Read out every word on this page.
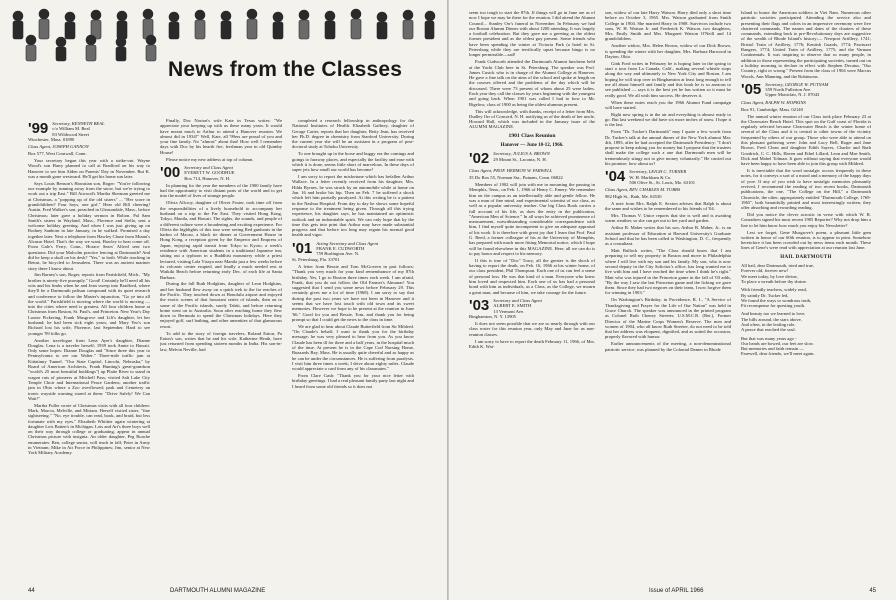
News from the Classes
'99 Secretary, KENNETH BEAL
c/o William M. Beal
83 Wildwood Street
Winchester, Mass. 01890

Class Agent, JOSEPH GANNON

Box 577, West Cornwall, Conn.

Your secretary began this year with a strike-out. Wayne Wood's son Harry planned to call at Bradford on his way to Hanover to see him Alden on Parents' Day in November. But K. was a month gone westward. He'll get his home run later.

Says Louis Benson's Hawaiian son, Roger: "You're following our example by running away from the snow, but we're trying to work out a trip East." Bill Atwood's Martha Sherman greeted me at Christmas, a "popping up of the old sisters" ... "Her score in grandchildren? Four boys, one girl." Hear old Bill cheering! Austin, Fred Walker's son, preached in Gleasondale, Mass., before Christmas; later gave a holiday sermon in Bolton. Pal Sam Smith's sisters in Wayland, Mass., Florence and Stella, sent a welcome holiday greeting. And when I was just giving up on Rodney Sanborn in late January, in he walked. Promised a day together later. Next a telephone from Hawley Chase from Miami's Alcazar Hotel. That's the way we want, Hawley to hear come off. From Gale's Ferry, Conn., Horace Sears' Alfred sent two questions: Did your Malcolm practice fencing at Dartmouth? And did he keep a skull on his desk? "Yes," to both. While teaching in Beirut, he bicycled to Jerusalem. There was an ancient mariner story there I know about.

Jim Barney's son, Roger, reports from Parishfield, Mich., "My brother is ninety-five promptly." Good! Certainly he'll need all his wits and his limbs when he and Jean sweep into Bradford, where they'll be a Dartmouth palisan compound with its quiet research and conference to follow the Master's injunction, "Go ye into all the world." Parishfield is moving where the world is moving — into the cities where need is greatest. All four children home at Christmas from Boston, St. Paul's, and Princeton. New Year's Day Louise Pickering, Frank Musgrove and Lili's daughter, let her husband; he had been sick eight years; and Mary Yeo's son Richard lost his wife, Florence, last September. Hard to see younger '99 folks go.

Another travelogue from Lena Ayer's daughter, Dianne Douglas. Lena is a traveler herself; 1939 took Annie to Hawaii. Only some hopes: Dianne Douglas and "Since three this year to Pennsylvania to see our Walter." Three-mile traffic jam at Kittatinny Tunnel. "Our State Capitol, Lincoln, Nebraska," by Board of American Architects, Frank Hunting's great-grandson "world's 25 most beautiful buildings") up Platte River to stand in wagon ruts of pioneers at Mitchell Pass; visited Salt Lake City Temple Choir and International Peace Gardens; another traffic jam in Ohio where a Zoo overflowed; park and Cemetery an ironic wayside warning stared at them: "Drive Safely! We Can Wait!"

Martha Fuller wrote of Christmas visits with all four children: Mark, Marcia, Melville, and Miriam. Herself visited sister, "fine sightseeing." "No, eye trouble, can read, book, and braid, but less fortunate with my eyes." Elizabeth Whittier again wintering at daughter Lois Batten's in Michigan. Lois and Art's three boys well on their way through college or graduating, appear in annual Christmas picture with insignia. An older daughter, Peg Roache enumerates: Ben, college senior, will teach in fall; Peter in Army in Vietnam; Mike in Air Force in Philippines; Jim, senior at New York Military Academy.

Finally, Doc Norton's wife Kate in Texas writes: "We appreciate your keeping up with us these many years. It would have meant much to Arthur to attend a Hanover reunion. We almost did in 1934!" Well, Kate, all '99ers are proud of you and your fine family. No "almost" about that! How well I remember days with Doc by his hearth fire, freshman year in old Quimby House!

Please notice my new address at top of column.

'00 Secretary and Class Agent
EVERETT W. GOODHUE
Box 714, Hanover, N. H.

In planning for the year the members of the 1900 family have had the opportunity to visit distant parts of the world and to get into the model of lives of strange people.

Olivia Allcroy, daughter of Oliver Foster, took time off from the responsibilities of a lively household to accompany her husband on a trip to the Far East. They visited Hong Kong, Tokyo, Manila, and Hawaii. The sights, the sounds, and people of a different culture were a broadening and exciting experience. For Olivia the highlights of this tour were seeing Red gunboats in the harbor of Macao, a black tie dinner at Government House in Hong Kong, a reception given by the Emperor and Empress of Japan, enjoying rapid transit from Tokyo to Kyoto, a week's residence with American students in a traditional Japanese inn, sitting out a typhoon in a Buddhist monastery while a priest lectured, visiting Lala Visaya near Manila just a few weeks before its volcanic center erupted, and finally a much needed rest at Waikiki Beach before returning early Dec. of each life at Santa Barbara.

During the fall Ruth Hodgkins, daughter of Leon Hodgkins, and her husband flew away on a quick trek to the far reaches of the Pacific. They touched down at Honolulu airport and enjoyed the exotic scenes of that luxuriant series of islands, then on to some of the Pacific islands, surely Tahiti, and before returning home went on to Australia. Soon after reaching home they flew down to Bermuda to spend the Christmas holidays. Here they enjoyed golf, surf bathing, and other amenities of that glamorous resort.

To add to the story of foreign travelers, Roland Eaton, Pa Eaton's son, writes that he and his wife, Katherine Heath, have just returned from spending sixteen months in India. His son-in-law, Melvin Neville, had

completed a research fellowship in anthropology for the National Institutes of Health. Elizabeth Gaffney, daughter of George Carter, reports that her daughter, Betty Jean, has received her Ph.D. degree in chemistry from Stanford University. During the current year she will be an assistant in a program of post-doctoral study at Tohoku University.

To one brought up in the horse and buggy era the comings and goings to faraway places, and especially the facility and ease with which it is done, seems little short of marvelous. In these days of super jets how small our world has become!

I am sorry to report the misfortune which has befallen Arthur Wallace. In a letter recently received from his daughter, Mrs. Hilda Byrnes, he was struck by an automobile while at home on Jan. 16 and broke his hip. Then on Feb. 7 he suffered a shock which left him partially paralyzed. At this writing he is a patient in the Nashua Hospital. From day to day he shows some hopeful response to the treatment being given. Through all this trying experience, his daughter says, he has maintained an optimistic outlook and an indomitable spirit. We can only hope that by the time this gets into print that Arthur may have made substantial progress and that before too long may regain his normal good health and vigor.

'01 Acting Secretary and Class Agent
FRANK E. CUDWORTH
759 Burlington Ave. N.
St. Petersburg, Fla. 33701

A letter from Bessie and Tom McGovern in part follows: "Thank you very much for your kind remembrance of my 87th birthday. Yes, I go to Boston three times each week. I am afraid, Frank, that you do not follow the Old Farmer's Almanac! You suggested that I send you some news before February 29. This certainly gives me a lot of time (1968). I am sorry to say that during the past two years we have not been in Hanover and it seems that we have lost touch with old town and its sweet memories. However we hope to be present at the reunion in June '66." Good for you and Bessie, Tom, and thank you for being prompt so that I could get the news to the class in time.

We are glad to hear about Claude Butterfield from Sir Mildred. "On Claude's behalf, I want to thank you for the birthday message; he was very pleased to hear from you. As you know Claude has been ill for three and a half years, in the hospital much of the time. At present he is in the Cape Cod Nursing Home, Buzzards Bay, Mass. He is usually quite cheerful and as happy as he can be under the circumstances. He is suffering from paralysis. I visit him three times a week; I drive about eighty miles. Claude would appreciate a card from any of his classmates."

From Clare Gash: "Thank you for your nice letter with birthday greetings. I had a real pleasant family party last night and I heard from some old friends so it does not

44	DARTMOUTH ALUMNI MAGAZINE

seem too tough to start the 87th. If things will go in June are as of now I hope we may be there for the reunion. I did attend the Alumni Council... Stanley Orr's funeral in November. In February we had our Boston Alumni Dinner with about 1200 attending. It was largely a football celebration. But they gave me a greeting as the oldest former president and as the oldest guy present. Some friends who have been spending the winter at Victoria Park (a hotel in St. Petersburg while they are terrifically upset because bingo is no longer permissible—sad!

Frank Cudworth attended the Dartmouth Alumni luncheon held at the Yacht Club here in St. Petersburg. The speaker was Prof. James Cusick who is in charge of the Alumni College at Hanover. He gave a fine talk on the aims of the school and spoke at length on the courses offered and the problems of the day which will be discussed. There were 73 present of whom about 25 were ladies. Each year they call the classes by years beginning with the youngest and going back. When 1901 was called I had to bow to Mr. Bigelow, class of 1900 as being the oldest alumnus present.

This will acknowledge, with thanks, receipt of a letter from Mrs. Dudley Orr of Concord, N. H. notifying us of the death of her uncle, Howard Hall, which was included in the January issue of the ALUMNI MAGAZINE.

1901 Class Reunion
Hanover — June 10-12, 1966.
'02 Secretary, JULIUS A. BROWN
29 Mount St., Laconia, N. H.

Class Agent, PROF. HERMON W. FARWELL

35 Do Box 55, Norman Sta., Putnam, Conn. 06822

Members of 1902 will join with me in mourning the passing in Memphis, Tenn., on Feb. 1, 1966 of Henry C. Emery. We remember him on the campus as an intellectually able and gentle fellow. He was a man of fine mind, and experimental scientist of our class, as well as a popular university teacher. Our big Class Book carries a full account of his life, as does the entry in the publication, "American Men of Science." In all ways he achieved prominence of measurement, notwithstanding considerable correspondence with him, I find myself quite incompetent to give an adequate appraisal of his work. It is therefore with great joy that I learn that Prof. Paul G. Reed, a former colleague of his at the University of Memphis, has prepared with much more fitting Memorial notice, which I hope will be found elsewhere in this MAGAZINE. Here, all we can do is to pay honor and respect to his memory.

If this is true of "Doc" Tracy, all the greater is the shock of having to report the death, on Feb. 16, 1966 at his winter home, of our class president, Phil Thompson. Each one of us can feel a sense of personal loss. He was that kind of a man. Everyone who knew him loved and respected him. Each one of us has had a personal bond with him as individuals, as a Class, as the College, we mourn a great man, and because of him, we take courage for the future.

'03 Secretary and Class Agent
ALBERT E. SMITH
13 Vermont Ave.
Binghamton, N. Y. 13905

It does not seem possible that we are so nearly through with our class roster for this reunion year, only May and June for us non-reunion classes.

I am sorry to have to report the death February 11, 1966, of Mrs. Edith K. Wat-

son, widow of our late Harry Watson. Harry died only a short time before on October 3, 1965. Mrs. Watson graduated from Smith College in 1904. She married Harry in 1908. Survivors include two sons, W. H. Watson Jr. and Frederick K. Watson, two daughters, Mrs. Emily Smith and Mrs. Margaret Watson O'Neill and 14 grandchildren.

Another widow, Mrs. Helen Brown, widow of our Dick Brown, is spending the winter with her daughter, Mrs. Barbara Harwood in Dayton, Ohio.

Gink Ford writes in February he is hoping later in the spring to start a tour from La Canada, Calif., making several whistle stops along the way and ultimately to New York City and Boston. I am hoping he will stop over in Binghamton at least long enough to tell me all about himself and family and this book he is so anxious to see published — says it is the best yet he has written so it must be really good. We all wish him success. He deserves it.

When these notes reach you the 1966 Alumni Fund campaign will have started.

Right now spring is in the air and everything is almost ready to go. But last weekend we did have six more inches of snow. I hope it is the last.

From "Dr. Tucker's Dartmouth" may I quote a few words from Dr. Tucker's talk at the annual dinner of the New York alumni Mar. 4th, 1893, after he had accepted the Dartmouth Presidency: "I don't propose to keep asking you for money but I propose that the trustees shall make the college such a one that Dartmouth men will be tremendously stingy not to give money voluntarily." He carried out his promise; how about us?

'04 Secretary, LEIGH C. TURNER
W. H. Markham & Co.
506 Olive St., St. Louis, Mo. 63101

Class Agent, REV. CHARLES M. TUBBS

982 High St., Bath, Me. 04530

A note from Mrs. Ralph E. Sexton advises that Ralph is about the same and wishes to be remembered to his friends of '04.

Mrs. Thomas V. Unice reports that she is well and is awaiting warm weather, so she can get out to her yard and garden.

Arthur B. Maher writes that his son, Arthur B. Maher, Jr., is an assistant professor of Education at Harvard University's Graduate School and that he has been called to Washington, D. C., frequently as a consultant.

Matt Bullock writes, "The Class should know that I am preparing to sell my property in Boston and move to Philadelphia where I will live with my son and his family. My son, who is now second deputy in the City Solicitor's office, has long wanted me to live with him and I have reached the time when I think he's right." Matt who was injured in the Princeton game in the fall of '03 adds, "By the way I saw the last Princeton game and the licking we gave them. Since they had two negroes on their team, I now forgive them for winning in 1903."

On Washington's Birthday, in Providence, R. I., "A Service of Thanksgiving and Prayer for the Life of Our Nation" was held in Grace Church. The speaker was announced in the printed program as Colonel Ruth Cheney Streeter, U.S.M.C.R. (Ret.), Former Director of the Marine Corps Women's Reserve. The men and women of 1904, who all know Ruth Streeter, do not need to be told that her address was eloquent, dignified, and as suited the occasion, properly flavored with humor.

Earlier announcements of the meeting, a non-denominational patriotic service, was planned by the Colonial Dames in Rhode

Island to honor the American soldiers in Viet Nam. Numerous other patriotic societies participated. Attending the service also and presenting their flags and colors in an impressive ceremony were five chartered commands. The names and dates of the charters of these commands, extending back to pre-Revolutionary days are suggestive of the wealth of Rhode Island's history:— Newport Artillery, 1741; Bristol Train of Artillery, 1776; Kentish Guards, 1774; Pawtuxet Rangers, 1774; United Train of Artillery, 1775; and the Varnum Continentals. It was inspiring to observe that so many people, in addition to those representing the participating societies, turned out on a holiday morning to declare in effect with Stephen Decatur, "Our Country, right or wrong." Present from the class of 1904 were Marcus Woods, Ann Manning, and the Robinsons.

'05 Secretary, GEORGE W. PUTNAM
359 North Fullerton Ave.
Upper Montclair, N. J. 07043

Class Agent, RALPH W. HOPKINS

Box 91, Cambridge, Mass. 02140

The annual winter reunion of our Class took place February 23 at the Clearwater Beach Hotel. This spot on the Gulf coast of Florida is regularly selected because Clearwater Beach is the winter home of several of the Class and it is central to other towns of the vicinity frequented by others of our group. Those who were able to attend on this pleasant gathering were: John and Lucy Bell, Roger and Jane Brown, Fred Clean and daughter Edith Sayres, Charlie and Ruth Goodrich, C. C. Hills, Haven and Ethel Lillard, Leon and Mae Smith, Dick and Mabel Tolman. It goes without saying that everyone would have been happy to have been able to join this group with Mildred.

It is inevitable that the word nostalgic occurs frequently in these notes, for it conveys a sort of a mood and a memory of the happy days of yore. If any of you wish to have nostalgic memories pleasantly revived, I recommend the reading of two recent books, Dartmouth publications, the one, "The College on the Hill," a Dartmouth Chronicle, the other, appropriately entitled "Dartmouth College, 1769-1965", both beautifully printed and most interestingly written, they offer absorbing and rewarding reading.

Did you notice the clever acrostic in verse with which W. R. Conradsen signed his most recent 1905 Reporter? Why not drop him a line to let him know how much you enjoy his Newsletter?

Lest we forget, Gene Musgrove's poem, a pleasant little gem written in honor of our 60th reunion, is to appear in print. Somehow heretofore it has been crowded out by news items each month. These lines of Gene's were read with appreciation at our reunion last June.

HAIL DARTMOUTH
All hail, dear Dartmouth, tried and true,
Forever old, forever new!
We meet today, by love divine,
To place a wreath before thy shrine.
With friendly teachers, widely read,
By saintly Dr. Tucker led,
We found the ways to wondrous truth,
Fit recompense for questing youth.
And beauty too we learned to love,
The hills around, the stars above,
And often, in the leafing role,
A peace that reached the soul.
But that was many years ago -
Our heads are bowed, our feet are slow.
But memories and faith remain —
Farewell, dear friends, we'll meet again.
Issue of APRIL 1966	45
